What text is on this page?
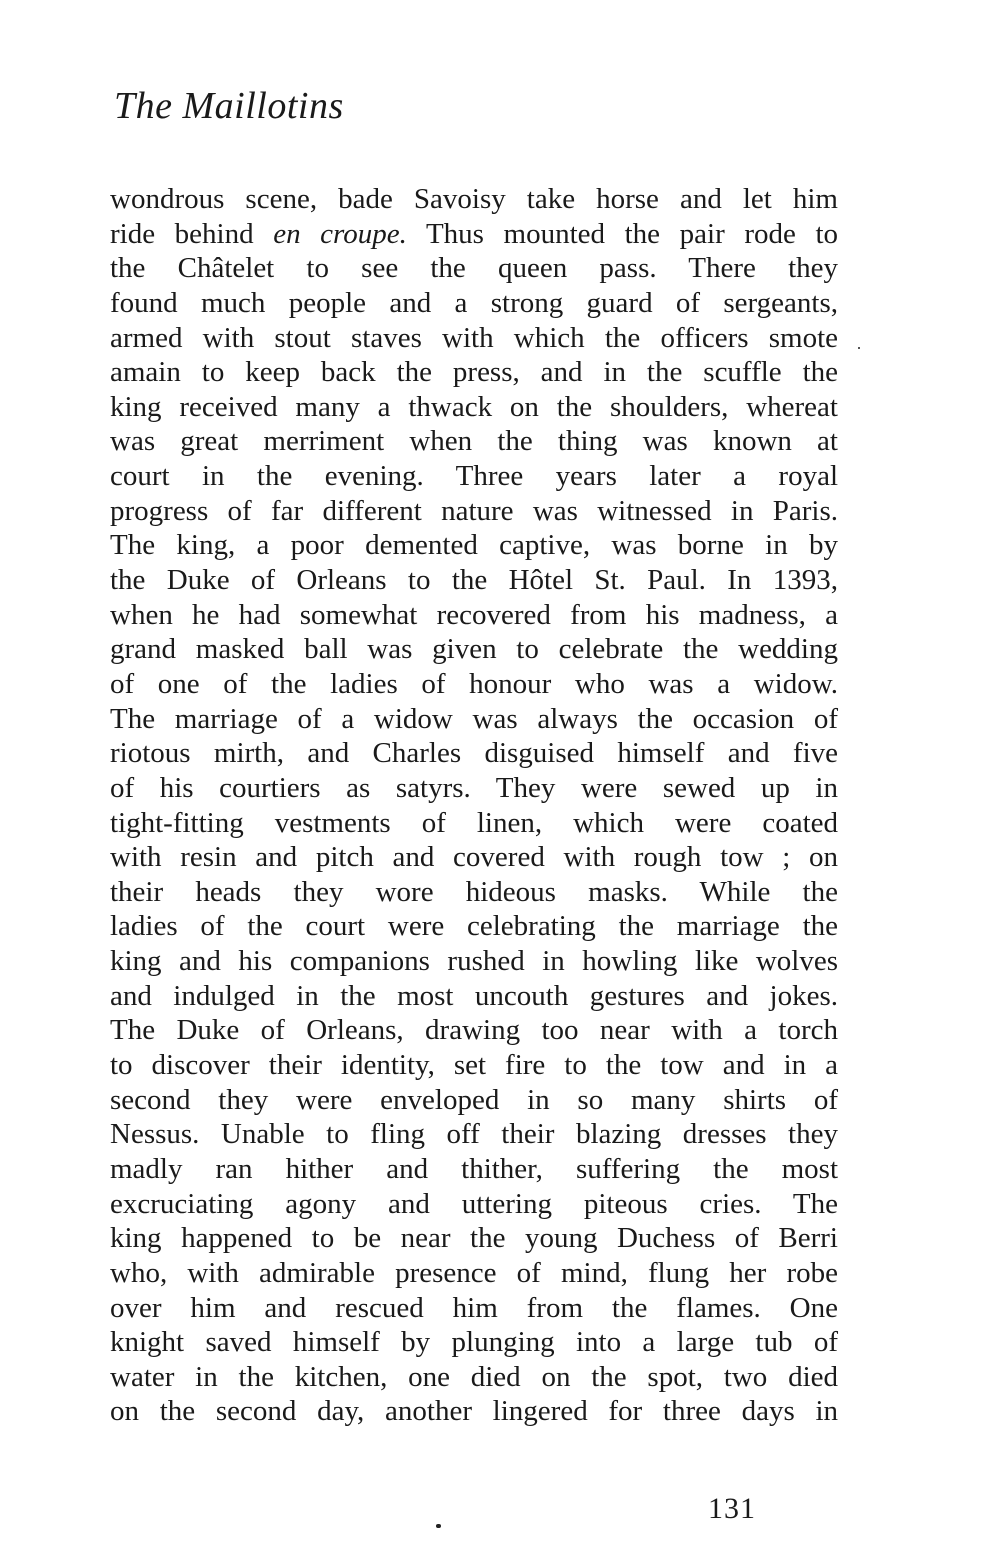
The Maillotins
wondrous scene, bade Savoisy take horse and let him
ride behind en croupe. Thus mounted the pair rode to
the Châtelet to see the queen pass. There they
found much people and a strong guard of sergeants,
armed with stout staves with which the officers smote
amain to keep back the press, and in the scuffle the
king received many a thwack on the shoulders, whereat
was great merriment when the thing was known at
court in the evening. Three years later a royal
progress of far different nature was witnessed in Paris.
The king, a poor demented captive, was borne in by
the Duke of Orleans to the Hôtel St. Paul. In 1393,
when he had somewhat recovered from his madness, a
grand masked ball was given to celebrate the wedding
of one of the ladies of honour who was a widow.
The marriage of a widow was always the occasion of
riotous mirth, and Charles disguised himself and five
of his courtiers as satyrs. They were sewed up in
tight-fitting vestments of linen, which were coated
with resin and pitch and covered with rough tow ; on
their heads they wore hideous masks. While the
ladies of the court were celebrating the marriage the
king and his companions rushed in howling like wolves
and indulged in the most uncouth gestures and jokes.
The Duke of Orleans, drawing too near with a torch
to discover their identity, set fire to the tow and in a
second they were enveloped in so many shirts of
Nessus. Unable to fling off their blazing dresses they
madly ran hither and thither, suffering the most
excruciating agony and uttering piteous cries. The
king happened to be near the young Duchess of Berri
who, with admirable presence of mind, flung her robe
over him and rescued him from the flames. One
knight saved himself by plunging into a large tub of
water in the kitchen, one died on the spot, two died
on the second day, another lingered for three days in
131
